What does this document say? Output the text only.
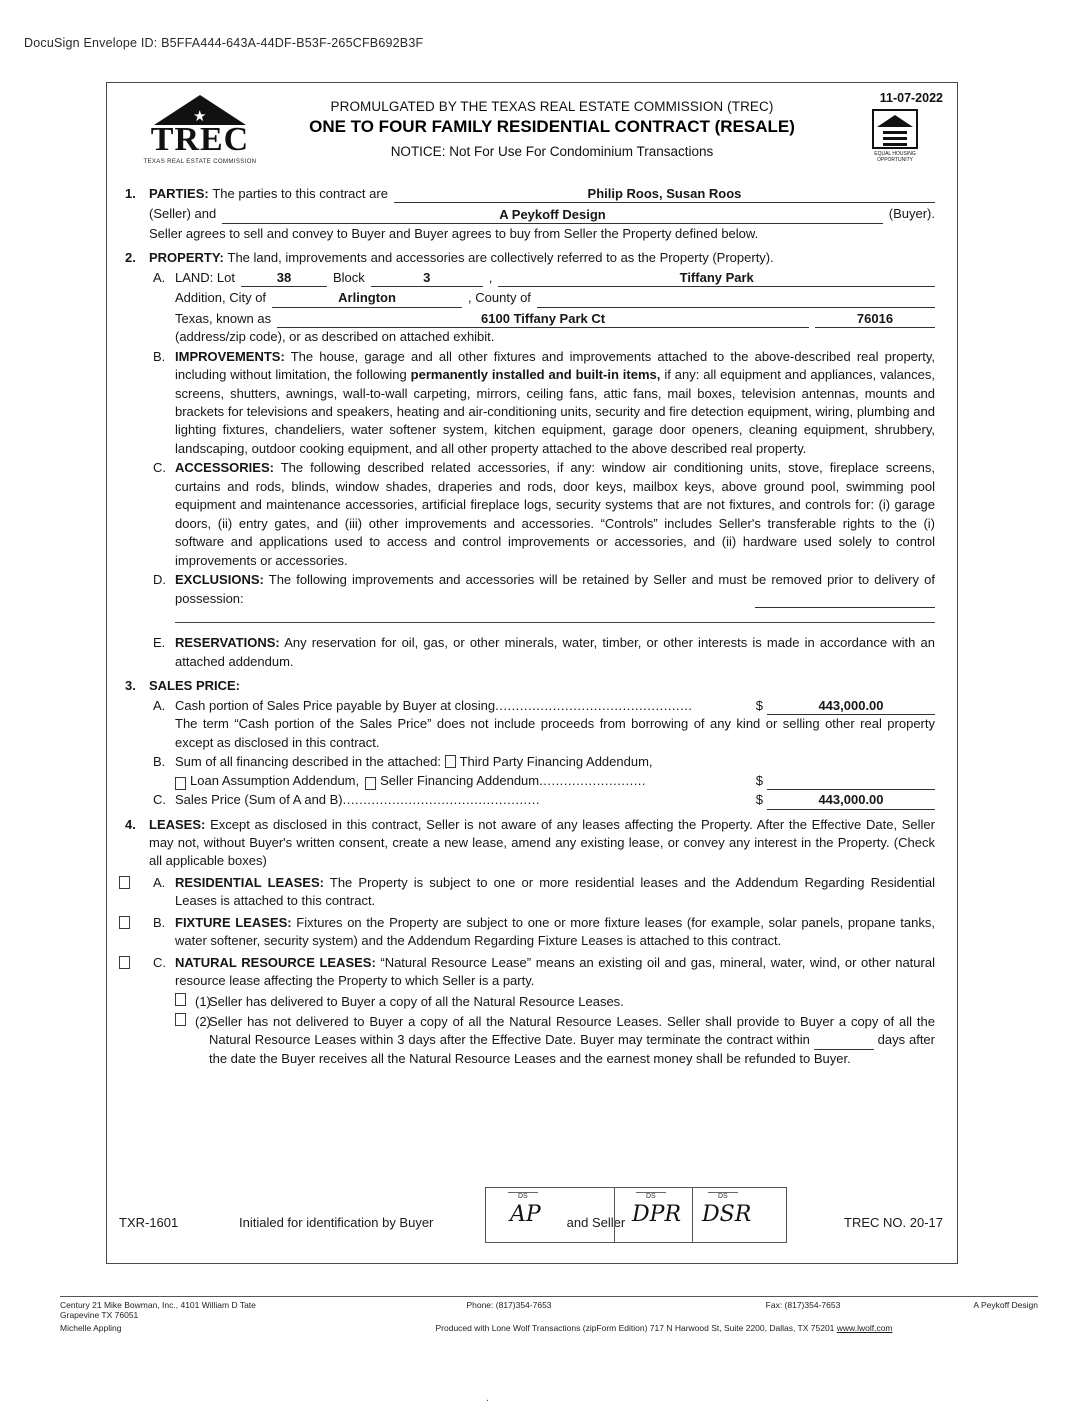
DocuSign Envelope ID: B5FFA444-643A-44DF-B53F-265CFB692B3F
11-07-2022
★
TREC
TEXAS REAL ESTATE COMMISSION
PROMULGATED BY THE TEXAS REAL ESTATE COMMISSION (TREC)
ONE TO FOUR FAMILY RESIDENTIAL CONTRACT (RESALE)
NOTICE: Not For Use For Condominium Transactions	EQUAL HOUSING OPPORTUNITY
1.	PARTIES: The parties to this contract are	Philip Roos, Susan Roos
(Seller) and	A Peykoff Design	(Buyer).
Seller agrees to sell and convey to Buyer and Buyer agrees to buy from Seller the Property defined below.
2.	PROPERTY: The land, improvements and accessories are collectively referred to as the Property (Property).
A. LAND: Lot	38	Block	3	,	Tiffany Park
Addition, City of	Arlington	, County of

Texas, known as	6100 Tiffany Park Ct	76016
(address/zip code), or as described on attached exhibit.
B. IMPROVEMENTS: The house, garage and all other fixtures and improvements attached to the above-described real property, including without limitation, the following permanently installed and built-in items, if any: all equipment and appliances, valances, screens, shutters, awnings, wall-to-wall carpeting, mirrors, ceiling fans, attic fans, mail boxes, television antennas, mounts and brackets for televisions and speakers, heating and air-conditioning units, security and fire detection equipment, wiring, plumbing and lighting fixtures, chandeliers, water softener system, kitchen equipment, garage door openers, cleaning equipment, shrubbery, landscaping, outdoor cooking equipment, and all other property attached to the above described real property.
C. ACCESSORIES: The following described related accessories, if any: window air conditioning units, stove, fireplace screens, curtains and rods, blinds, window shades, draperies and rods, door keys, mailbox keys, above ground pool, swimming pool equipment and maintenance accessories, artificial fireplace logs, security systems that are not fixtures, and controls for: (i) garage doors, (ii) entry gates, and (iii) other improvements and accessories. “Controls” includes Seller's transferable rights to the (i) software and applications used to access and control improvements or accessories, and (ii) hardware used solely to control improvements or accessories.
D. EXCLUSIONS: The following improvements and accessories will be retained by Seller and must be removed prior to delivery of possession:
E. RESERVATIONS: Any reservation for oil, gas, or other minerals, water, timber, or other interests is made in accordance with an attached addendum.
3.	SALES PRICE:
A. Cash portion of Sales Price payable by Buyer at closing ................................................	$	443,000.00
The term “Cash portion of the Sales Price” does not include proceeds from borrowing of any kind or selling other real property except as disclosed in this contract.
B. Sum of all financing described in the attached: Third Party Financing Addendum,
Loan Assumption Addendum, Seller Financing Addendum ..........................	$

C. Sales Price (Sum of A and B) ................................................	$	443,000.00
4.	LEASES: Except as disclosed in this contract, Seller is not aware of any leases affecting the Property. After the Effective Date, Seller may not, without Buyer's written consent, create a new lease, amend any existing lease, or convey any interest in the Property. (Check all applicable boxes)
A. RESIDENTIAL LEASES: The Property is subject to one or more residential leases and the Addendum Regarding Residential Leases is attached to this contract.
B. FIXTURE LEASES: Fixtures on the Property are subject to one or more fixture leases (for example, solar panels, propane tanks, water softener, security system) and the Addendum Regarding Fixture Leases is attached to this contract.
C. NATURAL RESOURCE LEASES: “Natural Resource Lease” means an existing oil and gas, mineral, water, wind, or other natural resource lease affecting the Property to which Seller is a party.
(1)
Seller has delivered to Buyer a copy of all the Natural Resource Leases.
(2)
Seller has not delivered to Buyer a copy of all the Natural Resource Leases. Seller shall provide to Buyer a copy of all the Natural Resource Leases within 3 days after the Effective Date. Buyer may terminate the contract within	days after the date the Buyer receives all the Natural Resource Leases and the earnest money shall be refunded to Buyer.
TXR-1601	Initialed for identification by Buyer	and Seller	TREC NO. 20-17
DS
AP
DS
DPR
DS
DSR
Century 21 Mike Bowman, Inc., 4101 William D Tate Grapevine TX 76051
Phone: (817)354-7653	Fax: (817)354-7653	A Peykoff Design
Michelle Appling	Produced with Lone Wolf Transactions (zipForm Edition) 717 N Harwood St, Suite 2200, Dallas, TX 75201 www.lwolf.com
.
